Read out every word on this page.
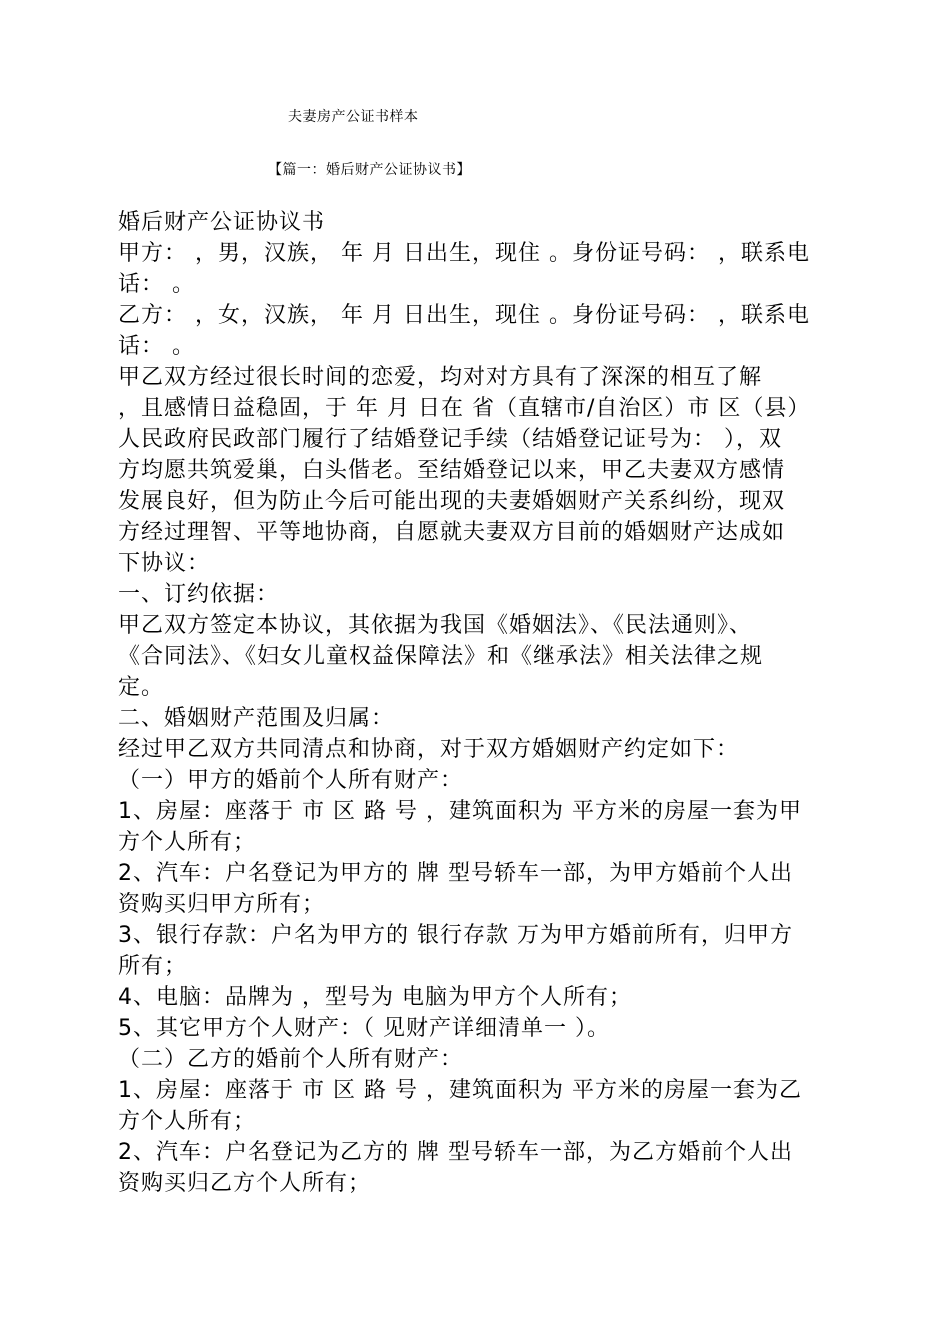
夫妻房产公证书样本
【篇一：婚后财产公证协议书】
婚后财产公证协议书
甲方： ，男，汉族， 年 月 日出生，现住 。身份证号码： ，联系电
话： 。
乙方： ，女，汉族， 年 月 日出生，现住 。身份证号码： ，联系电
话： 。
甲乙双方经过很长时间的恋爱，均对对方具有了深深的相互了解
，且感情日益稳固，于 年 月 日在 省（直辖市/自治区）市 区（县）
人民政府民政部门履行了结婚登记手续（结婚登记证号为： ），双
方均愿共筑爱巢，白头偕老。至结婚登记以来，甲乙夫妻双方感情
发展良好，但为防止今后可能出现的夫妻婚姻财产关系纠纷，现双
方经过理智、平等地协商，自愿就夫妻双方目前的婚姻财产达成如
下协议：
一、订约依据：
甲乙双方签定本协议，其依据为我国《婚姻法》、《民法通则》、
《合同法》、《妇女儿童权益保障法》和《继承法》相关法律之规
定。
二、婚姻财产范围及归属：
经过甲乙双方共同清点和协商，对于双方婚姻财产约定如下：
（一）甲方的婚前个人所有财产：
1、房屋：座落于 市 区 路 号 ，建筑面积为 平方米的房屋一套为甲
方个人所有；
2、汽车：户名登记为甲方的 牌 型号轿车一部，为甲方婚前个人出
资购买归甲方所有；
3、银行存款：户名为甲方的 银行存款 万为甲方婚前所有，归甲方
所有；
4、电脑：品牌为 ，型号为 电脑为甲方个人所有；
5、其它甲方个人财产：（ 见财产详细清单一 ）。
（二）乙方的婚前个人所有财产：
1、房屋：座落于 市 区 路 号 ，建筑面积为 平方米的房屋一套为乙
方个人所有；
2、汽车：户名登记为乙方的 牌 型号轿车一部，为乙方婚前个人出
资购买归乙方个人所有；
